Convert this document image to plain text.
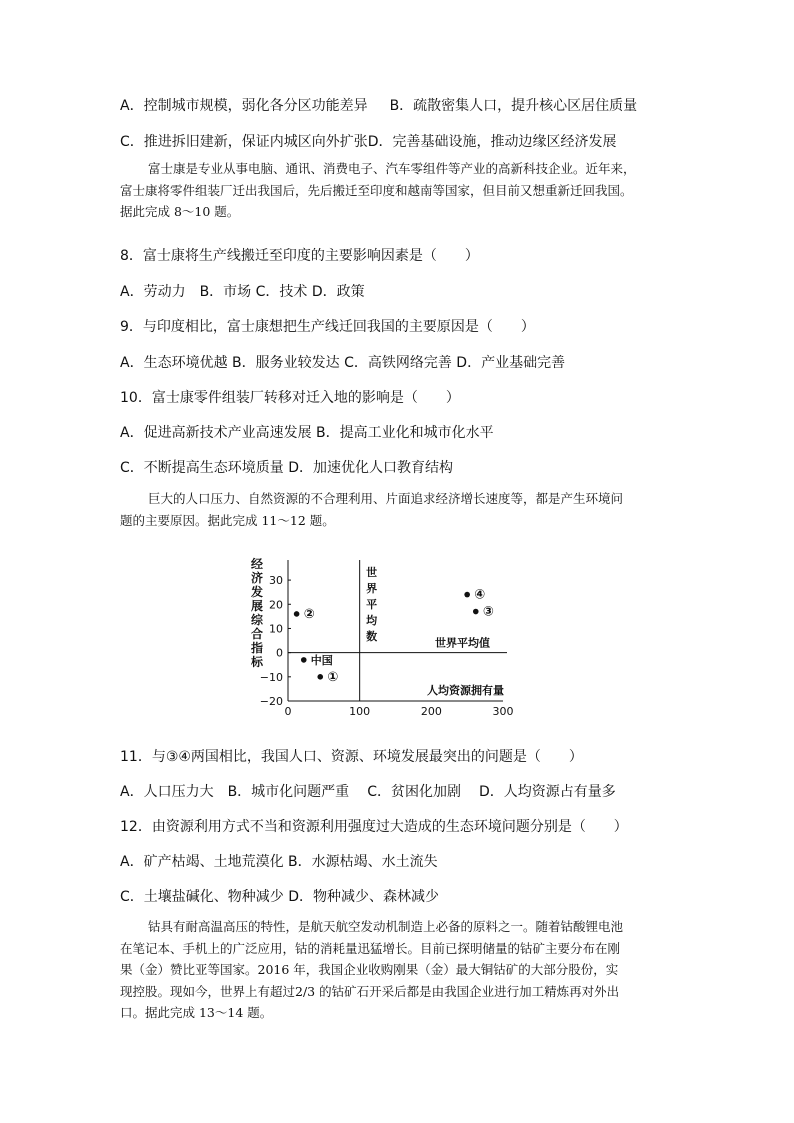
A．控制城市规模，弱化各分区功能差异 B．疏散密集人口，提升核心区居住质量
C．推进拆旧建新，保证内城区向外扩张D．完善基础设施，推动边缘区经济发展
富士康是专业从事电脑、通讯、消费电子、汽车零组件等产业的高新科技企业。近年来，
富士康将零件组装厂迁出我国后，先后搬迁至印度和越南等国家，但目前又想重新迁回我国。
据此完成 8～10 题。
8．富士康将生产线搬迁至印度的主要影响因素是（　　）
A．劳动力　B．市场 C．技术 D．政策
9．与印度相比，富士康想把生产线迁回我国的主要原因是（　　）
A．生态环境优越 B．服务业较发达 C．高铁网络完善 D．产业基础完善
10．富士康零件组装厂转移对迁入地的影响是（　　）
A．促进高新技术产业高速发展 B．提高工业化和城市化水平
C．不断提高生态环境质量 D．加速优化人口教育结构
巨大的人口压力、自然资源的不合理利用、片面追求经济增长速度等，都是产生环境问
题的主要原因。据此完成 11～12 题。
经
济
发
展
综
合
指
标
30
20
10
0
−10
−20
0	100	200	300
世
界
平
均
数
世界平均值
人均资源拥有量
②
中国
①
④
③
11．与③④两国相比，我国人口、资源、环境发展最突出的问题是（　　）
A．人口压力大 B．城市化问题严重 C．贫困化加剧 D．人均资源占有量多
12．由资源利用方式不当和资源利用强度过大造成的生态环境问题分别是（　　）
A．矿产枯竭、土地荒漠化 B．水源枯竭、水土流失
C．土壤盐碱化、物种减少 D．物种减少、森林减少
钴具有耐高温高压的特性，是航天航空发动机制造上必备的原料之一。随着钴酸锂电池
在笔记本、手机上的广泛应用，钴的消耗量迅猛增长。目前已探明储量的钴矿主要分布在刚
果（金）赞比亚等国家。2016 年，我国企业收购刚果（金）最大铜钴矿的大部分股份，实
现控股。现如今，世界上有超过2/3 的钴矿石开采后都是由我国企业进行加工精炼再对外出
口。据此完成 13～14 题。
